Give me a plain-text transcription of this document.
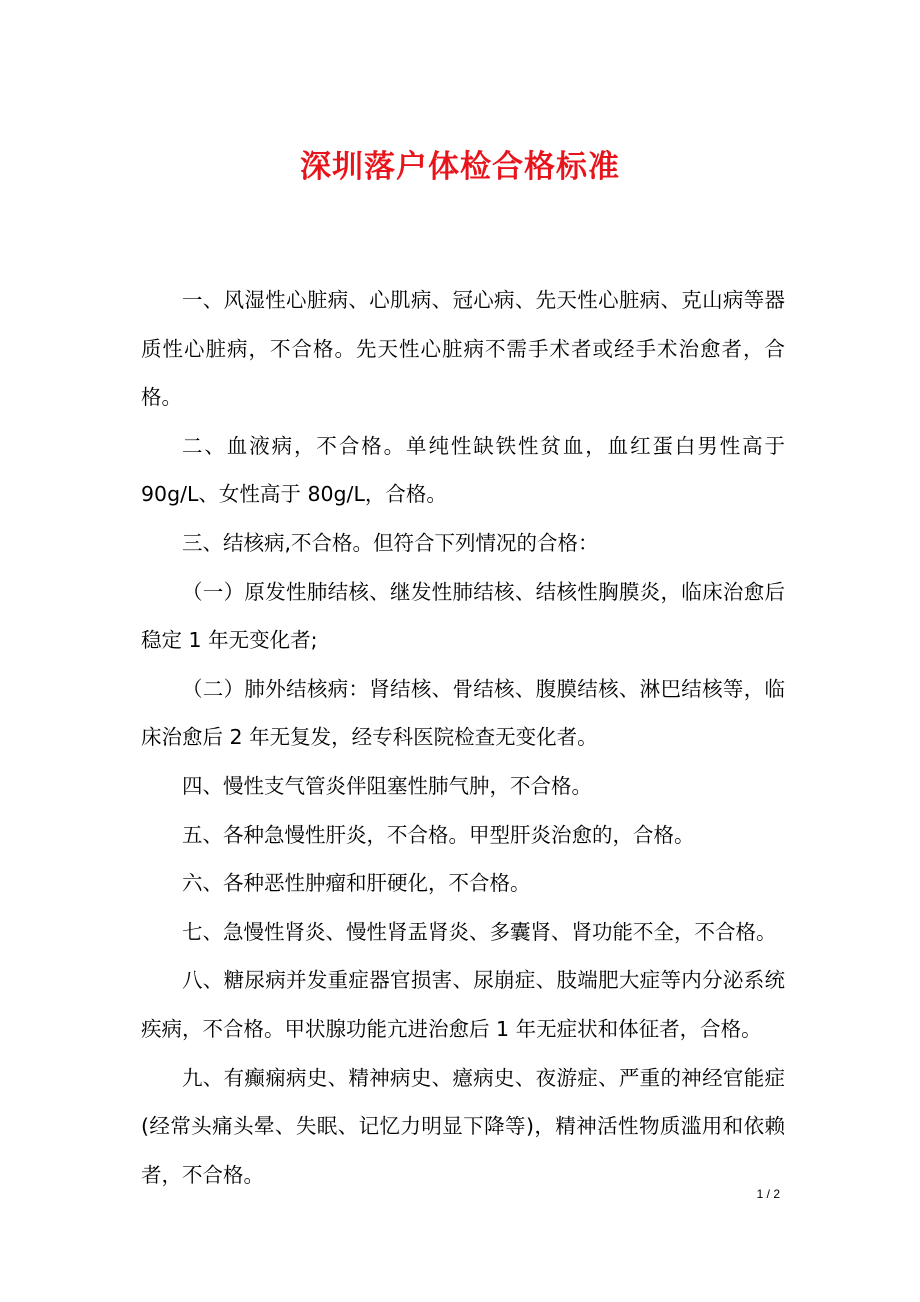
深圳落户体检合格标准

一、风湿性心脏病、心肌病、冠心病、先天性心脏病、克山病等器质性心脏病，不合格。先天性心脏病不需手术者或经手术治愈者，合格。

二、血液病，不合格。单纯性缺铁性贫血，血红蛋白男性高于 90g/L、女性高于 80g/L，合格。

三、结核病,不合格。但符合下列情况的合格：

（一）原发性肺结核、继发性肺结核、结核性胸膜炎，临床治愈后稳定 1 年无变化者;

（二）肺外结核病：肾结核、骨结核、腹膜结核、淋巴结核等，临床治愈后 2 年无复发，经专科医院检查无变化者。

四、慢性支气管炎伴阻塞性肺气肿，不合格。

五、各种急慢性肝炎，不合格。甲型肝炎治愈的，合格。

六、各种恶性肿瘤和肝硬化，不合格。

七、急慢性肾炎、慢性肾盂肾炎、多囊肾、肾功能不全，不合格。

八、糖尿病并发重症器官损害、尿崩症、肢端肥大症等内分泌系统疾病，不合格。甲状腺功能亢进治愈后 1 年无症状和体征者，合格。

九、有癫痫病史、精神病史、癔病史、夜游症、严重的神经官能症(经常头痛头晕、失眠、记忆力明显下降等)，精神活性物质滥用和依赖者，不合格。

1 / 2
